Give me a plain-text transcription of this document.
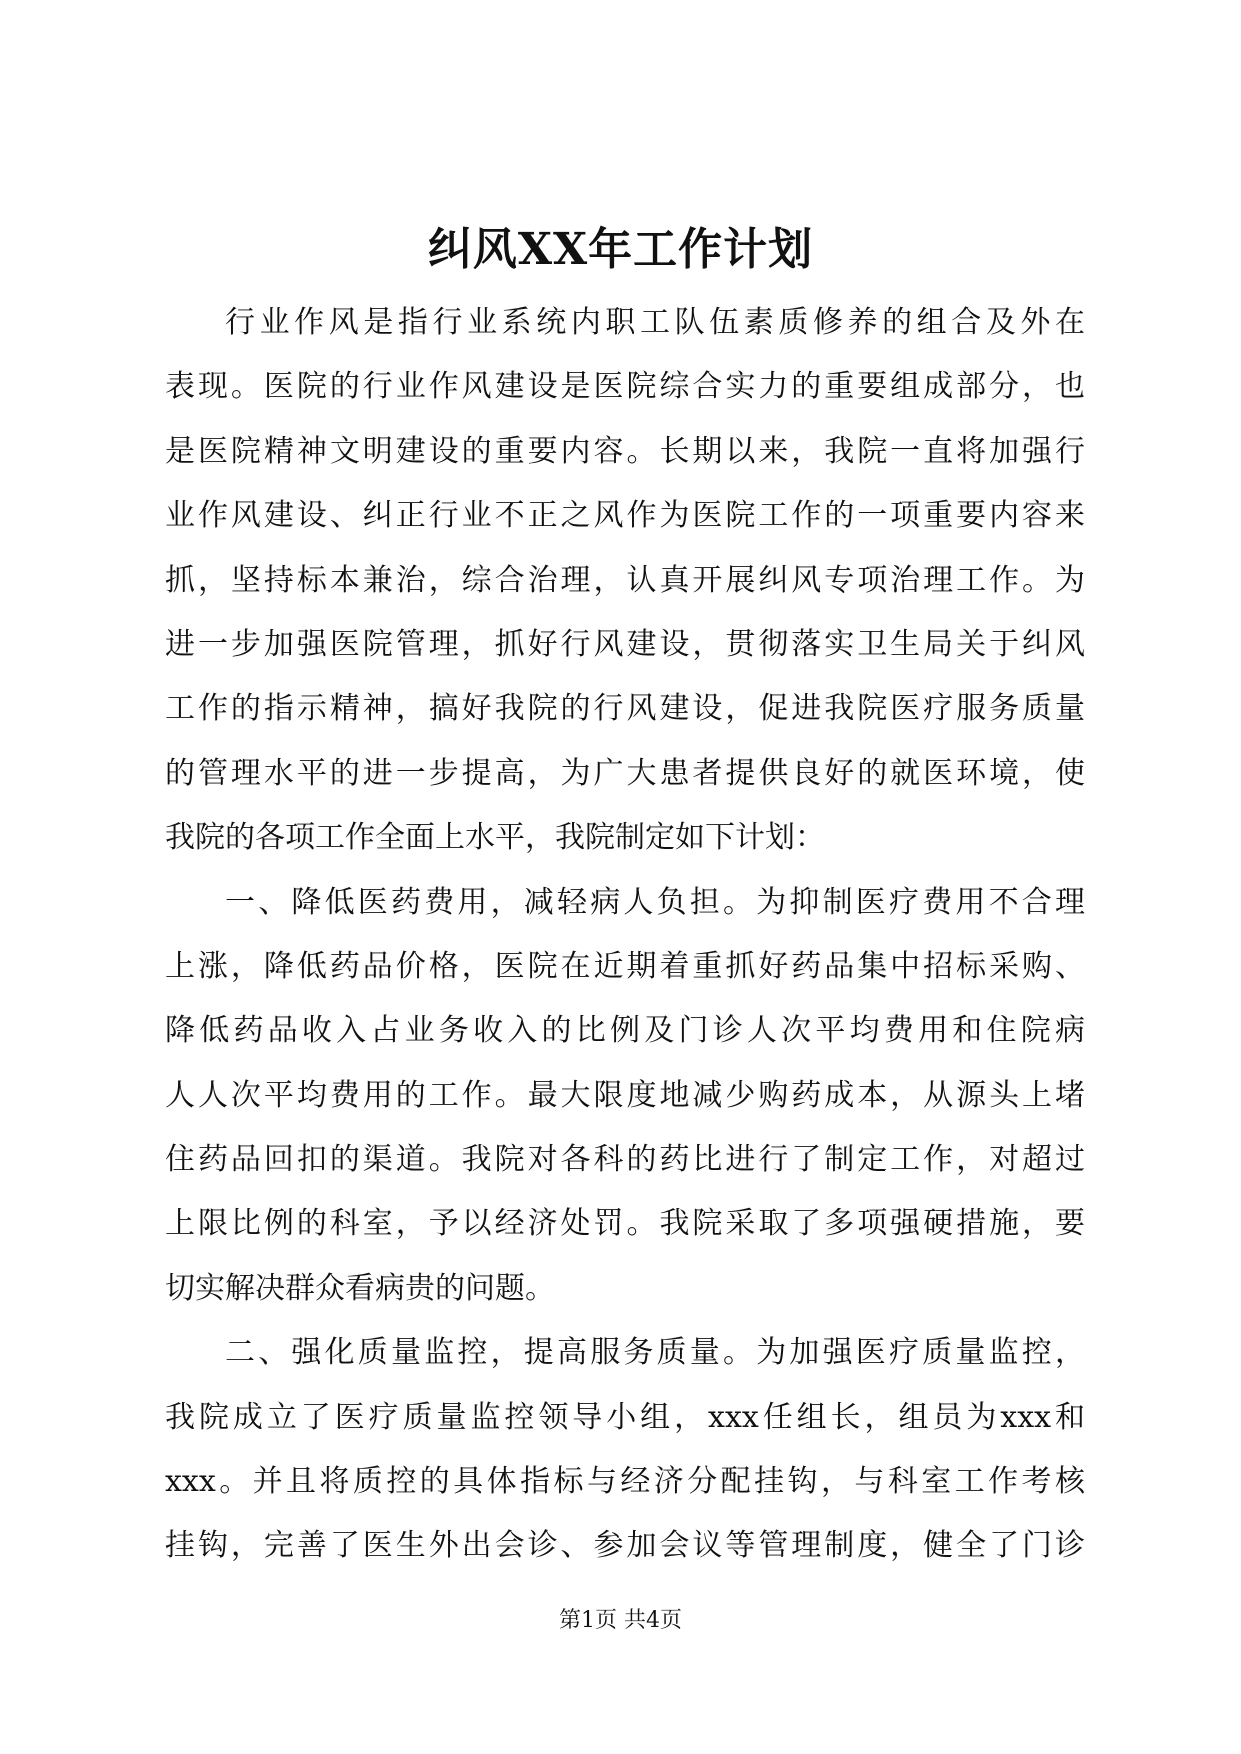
纠风XX年工作计划
行业作风是指行业系统内职工队伍素质修养的组合及外在
表现。医院的行业作风建设是医院综合实力的重要组成部分，也
是医院精神文明建设的重要内容。长期以来，我院一直将加强行
业作风建设、纠正行业不正之风作为医院工作的一项重要内容来
抓，坚持标本兼治，综合治理，认真开展纠风专项治理工作。为
进一步加强医院管理，抓好行风建设，贯彻落实卫生局关于纠风
工作的指示精神，搞好我院的行风建设，促进我院医疗服务质量
的管理水平的进一步提高，为广大患者提供良好的就医环境，使
我院的各项工作全面上水平，我院制定如下计划：
一、降低医药费用，减轻病人负担。为抑制医疗费用不合理
上涨，降低药品价格，医院在近期着重抓好药品集中招标采购、
降低药品收入占业务收入的比例及门诊人次平均费用和住院病
人人次平均费用的工作。最大限度地减少购药成本，从源头上堵
住药品回扣的渠道。我院对各科的药比进行了制定工作，对超过
上限比例的科室，予以经济处罚。我院采取了多项强硬措施，要
切实解决群众看病贵的问题。
二、强化质量监控，提高服务质量。为加强医疗质量监控，
我院成立了医疗质量监控领导小组，xxx任组长，组员为xxx和
xxx。并且将质控的具体指标与经济分配挂钩，与科室工作考核
挂钩，完善了医生外出会诊、参加会议等管理制度，健全了门诊
第1页 共4页
